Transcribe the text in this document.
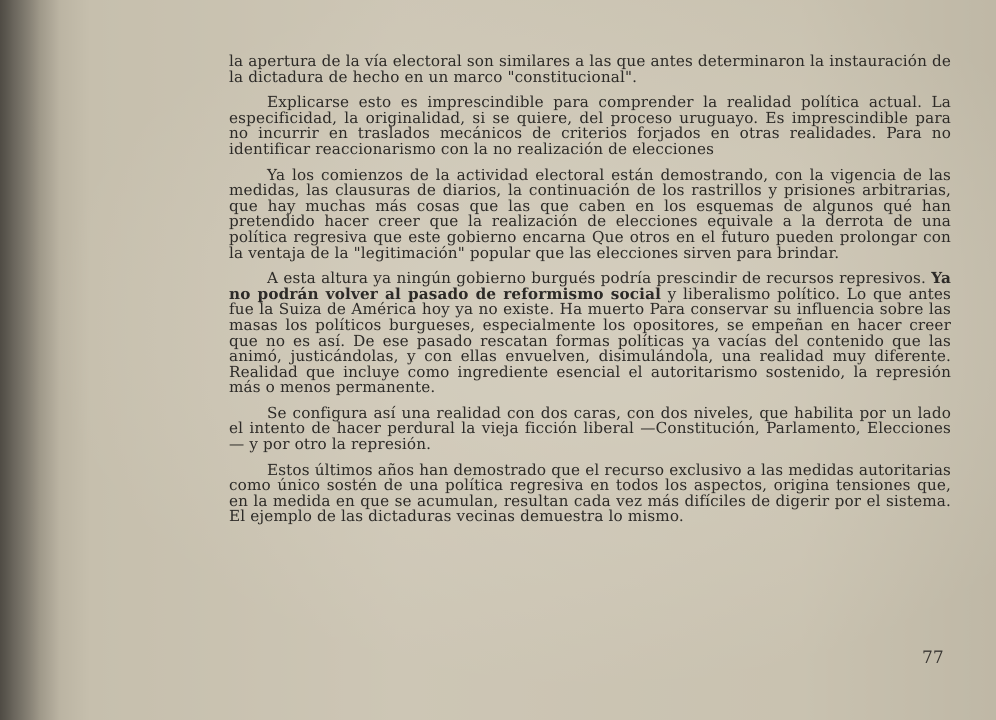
la apertura de la vía electoral son similares a las que antes determinaron la instauración de la dictadura de hecho en un marco "constitucional".

Explicarse esto es imprescindible para comprender la realidad política actual. La especificidad, la originalidad, si se quiere, del proceso uruguayo. Es imprescindible para no incurrir en traslados mecánicos de criterios forjados en otras realidades. Para no identificar reaccionarismo con la no realización de elecciones

Ya los comienzos de la actividad electoral están demostrando, con la vigencia de las medidas, las clausuras de diarios, la continuación de los rastrillos y prisiones arbitrarias, que hay muchas más cosas que las que caben en los esquemas de algunos qué han pretendido hacer creer que la realización de elecciones equivale a la derrota de una política regresiva que este gobierno encarna Que otros en el futuro pueden prolongar con la ventaja de la "legitimación" popular que las elecciones sirven para brindar.

A esta altura ya ningún gobierno burgués podría prescindir de recursos represivos. Ya no podrán volver al pasado de reformismo social y liberalismo político. Lo que antes fue la Suiza de América hoy ya no existe. Ha muerto Para conservar su influencia sobre las masas los políticos burgueses, especialmente los opositores, se empeñan en hacer creer que no es así. De ese pasado rescatan formas políticas ya vacías del contenido que las animó, justicándolas, y con ellas envuelven, disimulándola, una realidad muy diferente. Realidad que incluye como ingrediente esencial el autoritarismo sostenido, la represión más o menos permanente.

Se configura así una realidad con dos caras, con dos niveles, que habilita por un lado el intento de hacer perdural la vieja ficción liberal —Constitución, Parlamento, Elecciones— y por otro la represión.

Estos últimos años han demostrado que el recurso exclusivo a las medidas autoritarias como único sostén de una política regresiva en todos los aspectos, origina tensiones que, en la medida en que se acumulan, resultan cada vez más difíciles de digerir por el sistema. El ejemplo de las dictaduras vecinas demuestra lo mismo.

77
